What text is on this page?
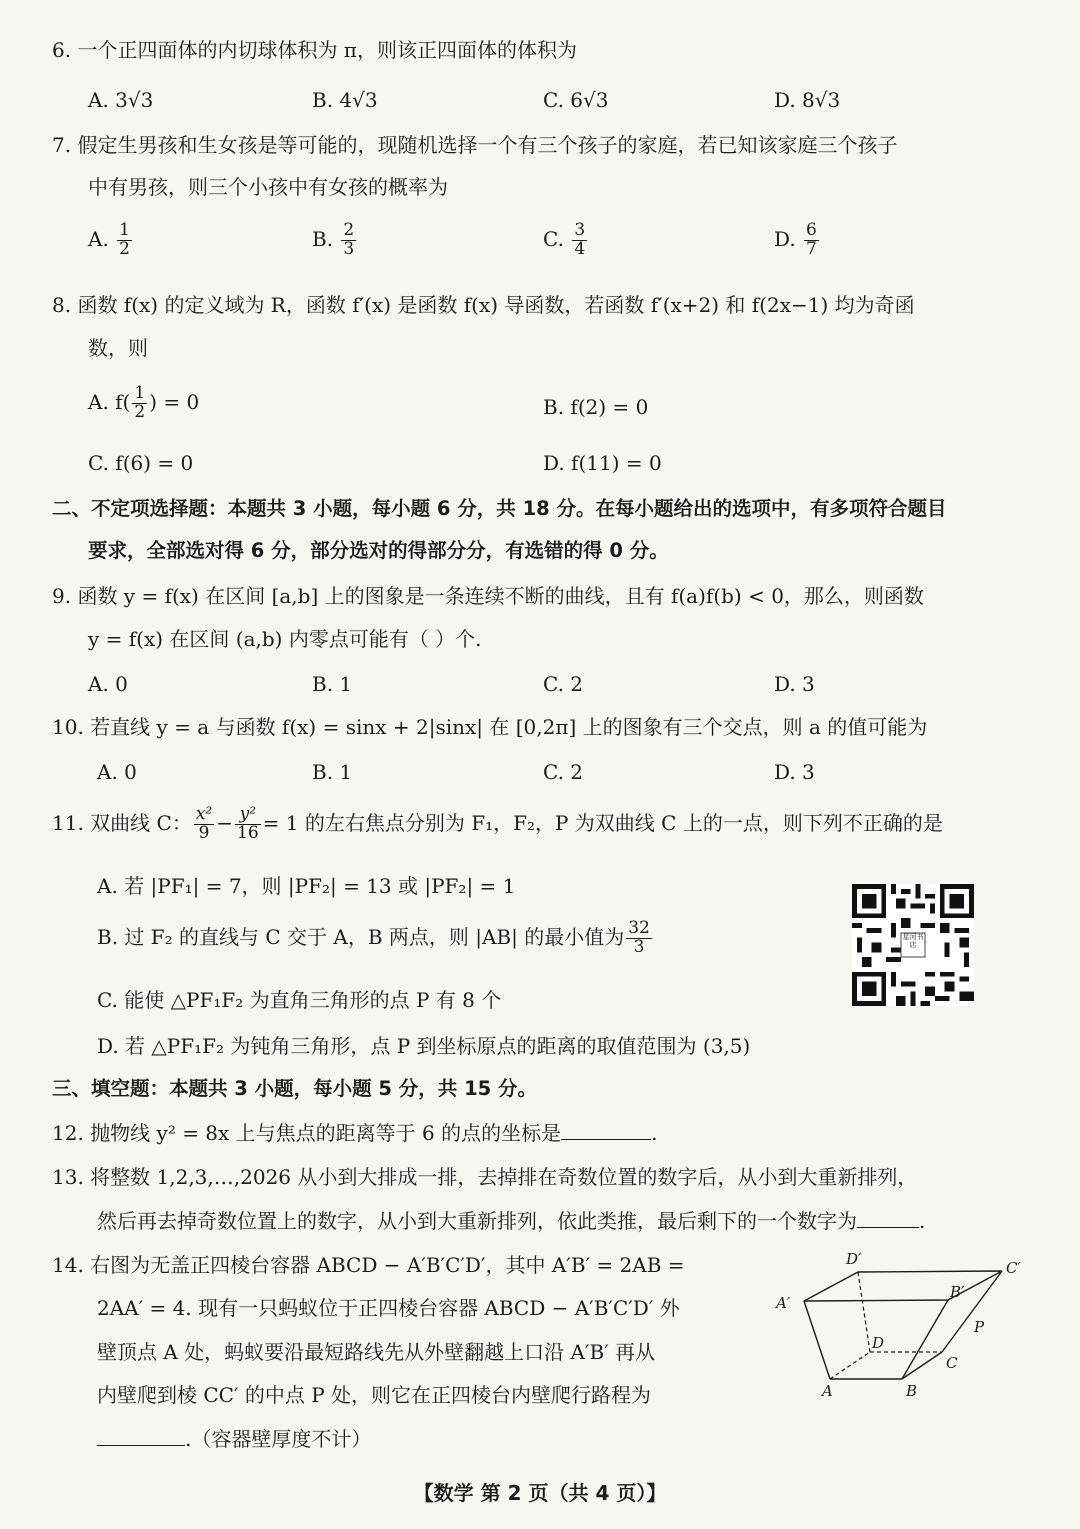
6. 一个正四面体的内切球体积为 π，则该正四面体的体积为
A. 3√3	B. 4√3	C. 6√3	D. 8√3
7. 假定生男孩和生女孩是等可能的，现随机选择一个有三个孩子的家庭，若已知该家庭三个孩子
中有男孩，则三个小孩中有女孩的概率为
A. $\frac{1}{2}$	B. $\frac{2}{3}$	C. $\frac{3}{4}$	D. $\frac{6}{7}$
8. 函数 f(x) 的定义域为 R，函数 f′(x) 是函数 f(x) 导函数，若函数 f′(x+2) 和 f(2x−1) 均为奇函
数，则
A. $f( \frac{1}{2}$ ) = 0	B. f(2) = 0
C. f(6) = 0	D. f(11) = 0
二、不定项选择题：本题共 3 小题，每小题 6 分，共 18 分。在每小题给出的选项中，有多项符合题目
要求，全部选对得 6 分，部分选对的得部分分，有选错的得 0 分。
9. 函数 y = f(x) 在区间 [a,b] 上的图象是一条连续不断的曲线，且有 f(a)f(b) < 0，那么，则函数
y = f(x) 在区间 (a,b) 内零点可能有（ ）个.
A. 0	B. 1	C. 2	D. 3
10. 若直线 y = a 与函数 f(x) = sinx + 2|sinx| 在 [0,2π] 上的图象有三个交点，则 a 的值可能为
A. 0	B. 1	C. 2	D. 3
11. 双曲线 C： $\frac{\text{x²}}{9} - \frac{\text{y²}}{16} = 1$ 的左右焦点分别为 F₁，F₂，P 为双曲线 C 上的一点，则下列不正确的是
A. 若 |PF₁| = 7，则 |PF₂| = 13 或 |PF₂| = 1
B. 过 F₂ 的直线与 C 交于 A，B 两点，则 |AB| 的最小值为 $\frac{32}{3}$
C. 能使 △PF₁F₂ 为直角三角形的点 P 有 8 个
D. 若 △PF₁F₂ 为钝角三角形，点 P 到坐标原点的距离的取值范围为 (3,5)
星河书店
三、填空题：本题共 3 小题，每小题 5 分，共 15 分。
12. 抛物线 y² = 8x 上与焦点的距离等于 6 的点的坐标是	.
13. 将整数 1,2,3,…,2026 从小到大排成一排，去掉排在奇数位置的数字后，从小到大重新排列，
然后再去掉奇数位置上的数字，从小到大重新排列，依此类推，最后剩下的一个数字为	.
14. 右图为无盖正四棱台容器 ABCD − A′B′C′D′，其中 A′B′ = 2AB =
2AA′ = 4. 现有一只蚂蚁位于正四棱台容器 ABCD − A′B′C′D′ 外
壁顶点 A 处，蚂蚁要沿最短路线先从外壁翻越上口沿 A′B′ 再从
内壁爬到棱 CC′ 的中点 P 处，则它在正四棱台内壁爬行路程为
.（容器壁厚度不计）
D′	C′
A′
B′
P
D
C
A	B
【数学 第 2 页（共 4 页）】
